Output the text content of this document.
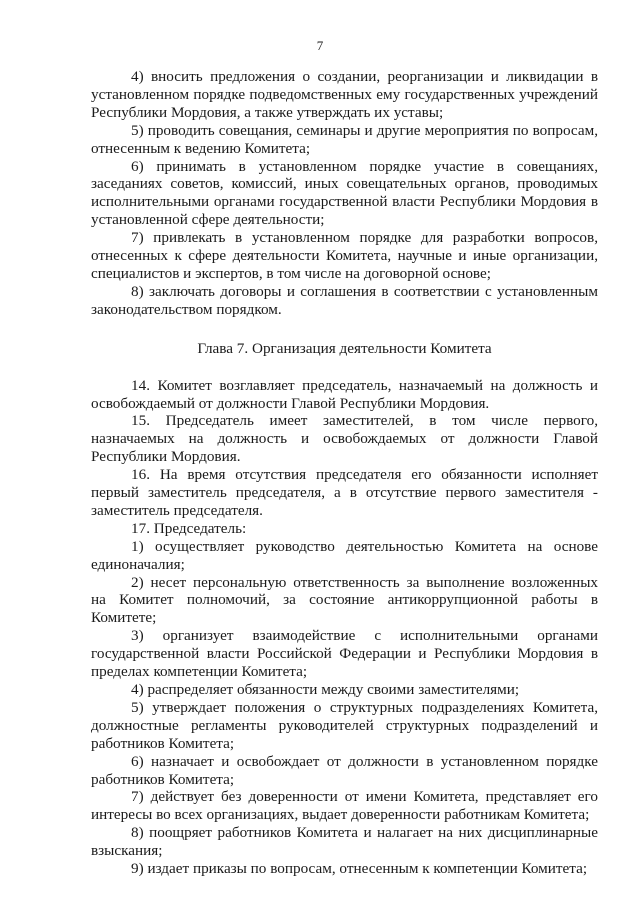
7

4) вносить предложения о создании, реорганизации и ликвидации в установленном порядке подведомственных ему государственных учреждений Республики Мордовия, а также утверждать их уставы;

5) проводить совещания, семинары и другие мероприятия по вопросам, отнесенным к ведению Комитета;

6) принимать в установленном порядке участие в совещаниях, заседаниях советов, комиссий, иных совещательных органов, проводимых исполнительными органами государственной власти Республики Мордовия в установленной сфере деятельности;

7) привлекать в установленном порядке для разработки вопросов, отнесенных к сфере деятельности Комитета, научные и иные организации, специалистов и экспертов, в том числе на договорной основе;

8) заключать договоры и соглашения в соответствии с установленным законодательством порядком.

Глава 7. Организация деятельности Комитета

14. Комитет возглавляет председатель, назначаемый на должность и освобождаемый от должности Главой Республики Мордовия.

15. Председатель имеет заместителей, в том числе первого, назначаемых на должность и освобождаемых от должности Главой Республики Мордовия.

16. На время отсутствия председателя его обязанности исполняет первый заместитель председателя, а в отсутствие первого заместителя - заместитель председателя.

17. Председатель:

1) осуществляет руководство деятельностью Комитета на основе единоначалия;

2) несет персональную ответственность за выполнение возложенных на Комитет полномочий, за состояние антикоррупционной работы в Комитете;

3) организует взаимодействие с исполнительными органами государственной власти Российской Федерации и Республики Мордовия в пределах компетенции Комитета;

4) распределяет обязанности между своими заместителями;

5) утверждает положения о структурных подразделениях Комитета, должностные регламенты руководителей структурных подразделений и работников Комитета;

6) назначает и освобождает от должности в установленном порядке работников Комитета;

7) действует без доверенности от имени Комитета, представляет его интересы во всех организациях, выдает доверенности работникам Комитета;

8) поощряет работников Комитета и налагает на них дисциплинарные взыскания;

9) издает приказы по вопросам, отнесенным к компетенции Комитета;
